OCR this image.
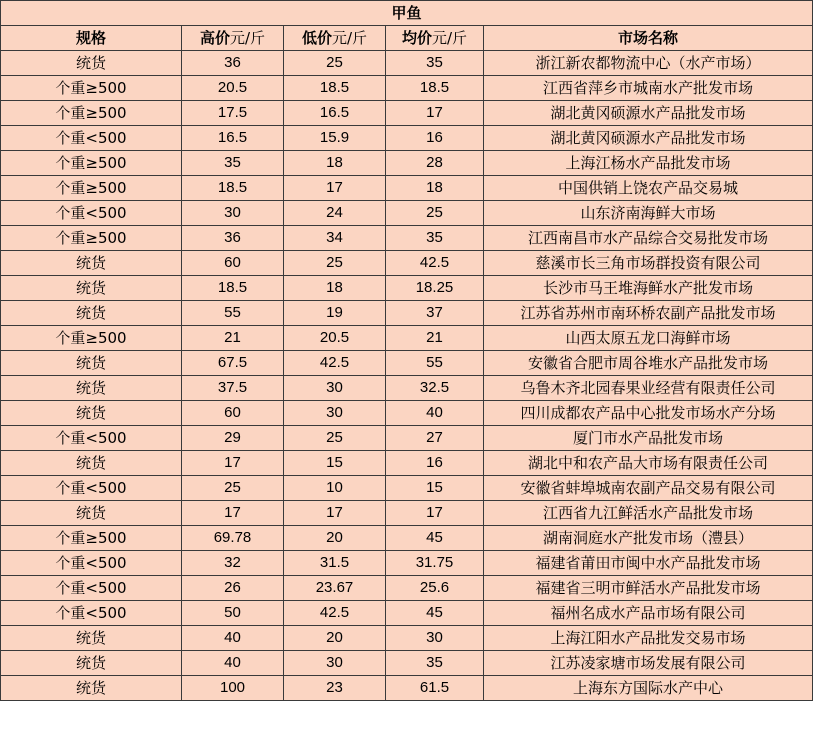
甲鱼				
规格	高价元/斤	低价元/斤	均价元/斤	市场名称
统货	36	25	35	浙江新农都物流中心（水产市场）
个重≥500	20.5	18.5	18.5	江西省萍乡市城南水产批发市场
个重≥500	17.5	16.5	17	湖北黄冈硕源水产品批发市场
个重<500	16.5	15.9	16	湖北黄冈硕源水产品批发市场
个重≥500	35	18	28	上海江杨水产品批发市场
个重≥500	18.5	17	18	中国供销上饶农产品交易城
个重<500	30	24	25	山东济南海鲜大市场
个重≥500	36	34	35	江西南昌市水产品综合交易批发市场
统货	60	25	42.5	慈溪市长三角市场群投资有限公司
统货	18.5	18	18.25	长沙市马王堆海鲜水产批发市场
统货	55	19	37	江苏省苏州市南环桥农副产品批发市场
个重≥500	21	20.5	21	山西太原五龙口海鲜市场
统货	67.5	42.5	55	安徽省合肥市周谷堆水产品批发市场
统货	37.5	30	32.5	乌鲁木齐北园春果业经营有限责任公司
统货	60	30	40	四川成都农产品中心批发市场水产分场
个重<500	29	25	27	厦门市水产品批发市场
统货	17	15	16	湖北中和农产品大市场有限责任公司
个重<500	25	10	15	安徽省蚌埠城南农副产品交易有限公司
统货	17	17	17	江西省九江鲜活水产品批发市场
个重≥500	69.78	20	45	湖南洞庭水产批发市场（澧县）
个重<500	32	31.5	31.75	福建省莆田市闽中水产品批发市场
个重<500	26	23.67	25.6	福建省三明市鲜活水产品批发市场
个重<500	50	42.5	45	福州名成水产品市场有限公司
统货	40	20	30	上海江阳水产品批发交易市场
统货	40	30	35	江苏凌家塘市场发展有限公司
统货	100	23	61.5	上海东方国际水产中心
